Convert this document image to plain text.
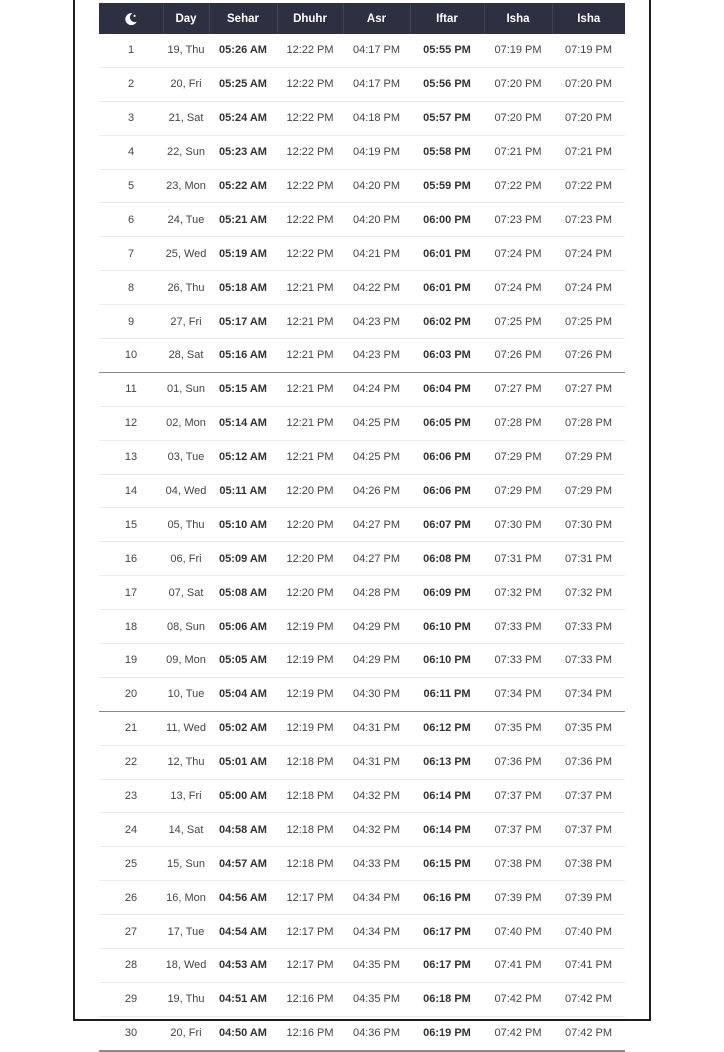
	Day	Sehar	Dhuhr	Asr	Iftar	Isha	Isha
1	19, Thu	05:26 AM	12:22 PM	04:17 PM	05:55 PM	07:19 PM	07:19 PM
2	20, Fri	05:25 AM	12:22 PM	04:17 PM	05:56 PM	07:20 PM	07:20 PM
3	21, Sat	05:24 AM	12:22 PM	04:18 PM	05:57 PM	07:20 PM	07:20 PM
4	22, Sun	05:23 AM	12:22 PM	04:19 PM	05:58 PM	07:21 PM	07:21 PM
5	23, Mon	05:22 AM	12:22 PM	04:20 PM	05:59 PM	07:22 PM	07:22 PM
6	24, Tue	05:21 AM	12:22 PM	04:20 PM	06:00 PM	07:23 PM	07:23 PM
7	25, Wed	05:19 AM	12:22 PM	04:21 PM	06:01 PM	07:24 PM	07:24 PM
8	26, Thu	05:18 AM	12:21 PM	04:22 PM	06:01 PM	07:24 PM	07:24 PM
9	27, Fri	05:17 AM	12:21 PM	04:23 PM	06:02 PM	07:25 PM	07:25 PM
10	28, Sat	05:16 AM	12:21 PM	04:23 PM	06:03 PM	07:26 PM	07:26 PM
11	01, Sun	05:15 AM	12:21 PM	04:24 PM	06:04 PM	07:27 PM	07:27 PM
12	02, Mon	05:14 AM	12:21 PM	04:25 PM	06:05 PM	07:28 PM	07:28 PM
13	03, Tue	05:12 AM	12:21 PM	04:25 PM	06:06 PM	07:29 PM	07:29 PM
14	04, Wed	05:11 AM	12:20 PM	04:26 PM	06:06 PM	07:29 PM	07:29 PM
15	05, Thu	05:10 AM	12:20 PM	04:27 PM	06:07 PM	07:30 PM	07:30 PM
16	06, Fri	05:09 AM	12:20 PM	04:27 PM	06:08 PM	07:31 PM	07:31 PM
17	07, Sat	05:08 AM	12:20 PM	04:28 PM	06:09 PM	07:32 PM	07:32 PM
18	08, Sun	05:06 AM	12:19 PM	04:29 PM	06:10 PM	07:33 PM	07:33 PM
19	09, Mon	05:05 AM	12:19 PM	04:29 PM	06:10 PM	07:33 PM	07:33 PM
20	10, Tue	05:04 AM	12:19 PM	04:30 PM	06:11 PM	07:34 PM	07:34 PM
21	11, Wed	05:02 AM	12:19 PM	04:31 PM	06:12 PM	07:35 PM	07:35 PM
22	12, Thu	05:01 AM	12:18 PM	04:31 PM	06:13 PM	07:36 PM	07:36 PM
23	13, Fri	05:00 AM	12:18 PM	04:32 PM	06:14 PM	07:37 PM	07:37 PM
24	14, Sat	04:58 AM	12:18 PM	04:32 PM	06:14 PM	07:37 PM	07:37 PM
25	15, Sun	04:57 AM	12:18 PM	04:33 PM	06:15 PM	07:38 PM	07:38 PM
26	16, Mon	04:56 AM	12:17 PM	04:34 PM	06:16 PM	07:39 PM	07:39 PM
27	17, Tue	04:54 AM	12:17 PM	04:34 PM	06:17 PM	07:40 PM	07:40 PM
28	18, Wed	04:53 AM	12:17 PM	04:35 PM	06:17 PM	07:41 PM	07:41 PM
29	19, Thu	04:51 AM	12:16 PM	04:35 PM	06:18 PM	07:42 PM	07:42 PM
30	20, Fri	04:50 AM	12:16 PM	04:36 PM	06:19 PM	07:42 PM	07:42 PM
